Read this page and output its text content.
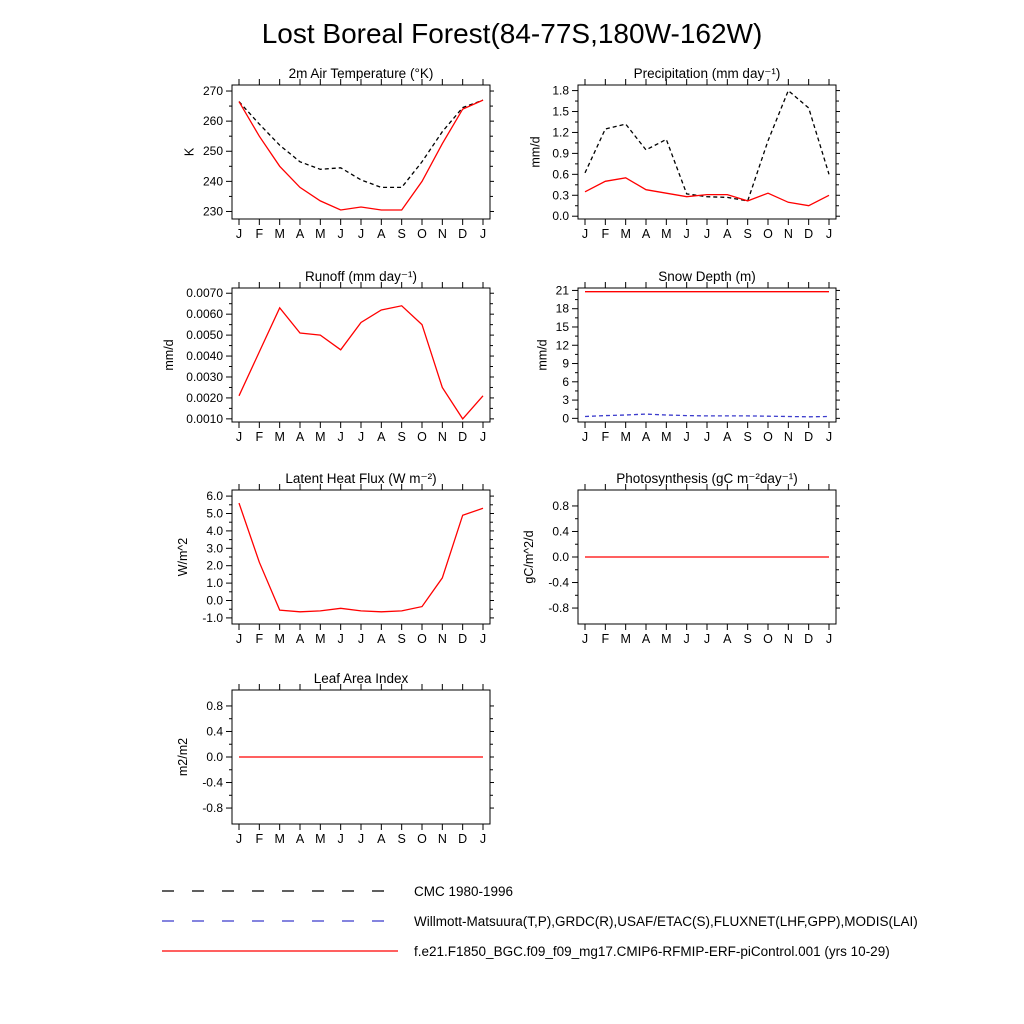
Lost Boreal Forest(84-77S,180W-162W)
2m Air Temperature (°K)
K
230
240
250
260
270
J F M A M J J A S O N D J
Precipitation (mm day⁻¹)
mm/d
0.0
0.3
0.6
0.9
1.2
1.5
1.8
J F M A M J J A S O N D J
Runoff (mm day⁻¹)
mm/d
0.0010
0.0020
0.0030
0.0040
0.0050
0.0060
0.0070
J F M A M J J A S O N D J
Snow Depth (m)
mm/d
0
3
6
9
12
15
18
21
J F M A M J J A S O N D J
Latent Heat Flux (W m⁻²)
W/m^2
-1.0
0.0
1.0
2.0
3.0
4.0
5.0
6.0
J F M A M J J A S O N D J
Photosynthesis (gC m⁻²day⁻¹)
gC/m^2/d
-0.8
-0.4
0.0
0.4
0.8
J F M A M J J A S O N D J
Leaf Area Index
m2/m2
-0.8
-0.4
0.0
0.4
0.8
J F M A M J J A S O N D J
CMC 1980-1996
Willmott-Matsuura(T,P),GRDC(R),USAF/ETAC(S),FLUXNET(LHF,GPP),MODIS(LAI)
f.e21.F1850_BGC.f09_f09_mg17.CMIP6-RFMIP-ERF-piControl.001 (yrs 10-29)
